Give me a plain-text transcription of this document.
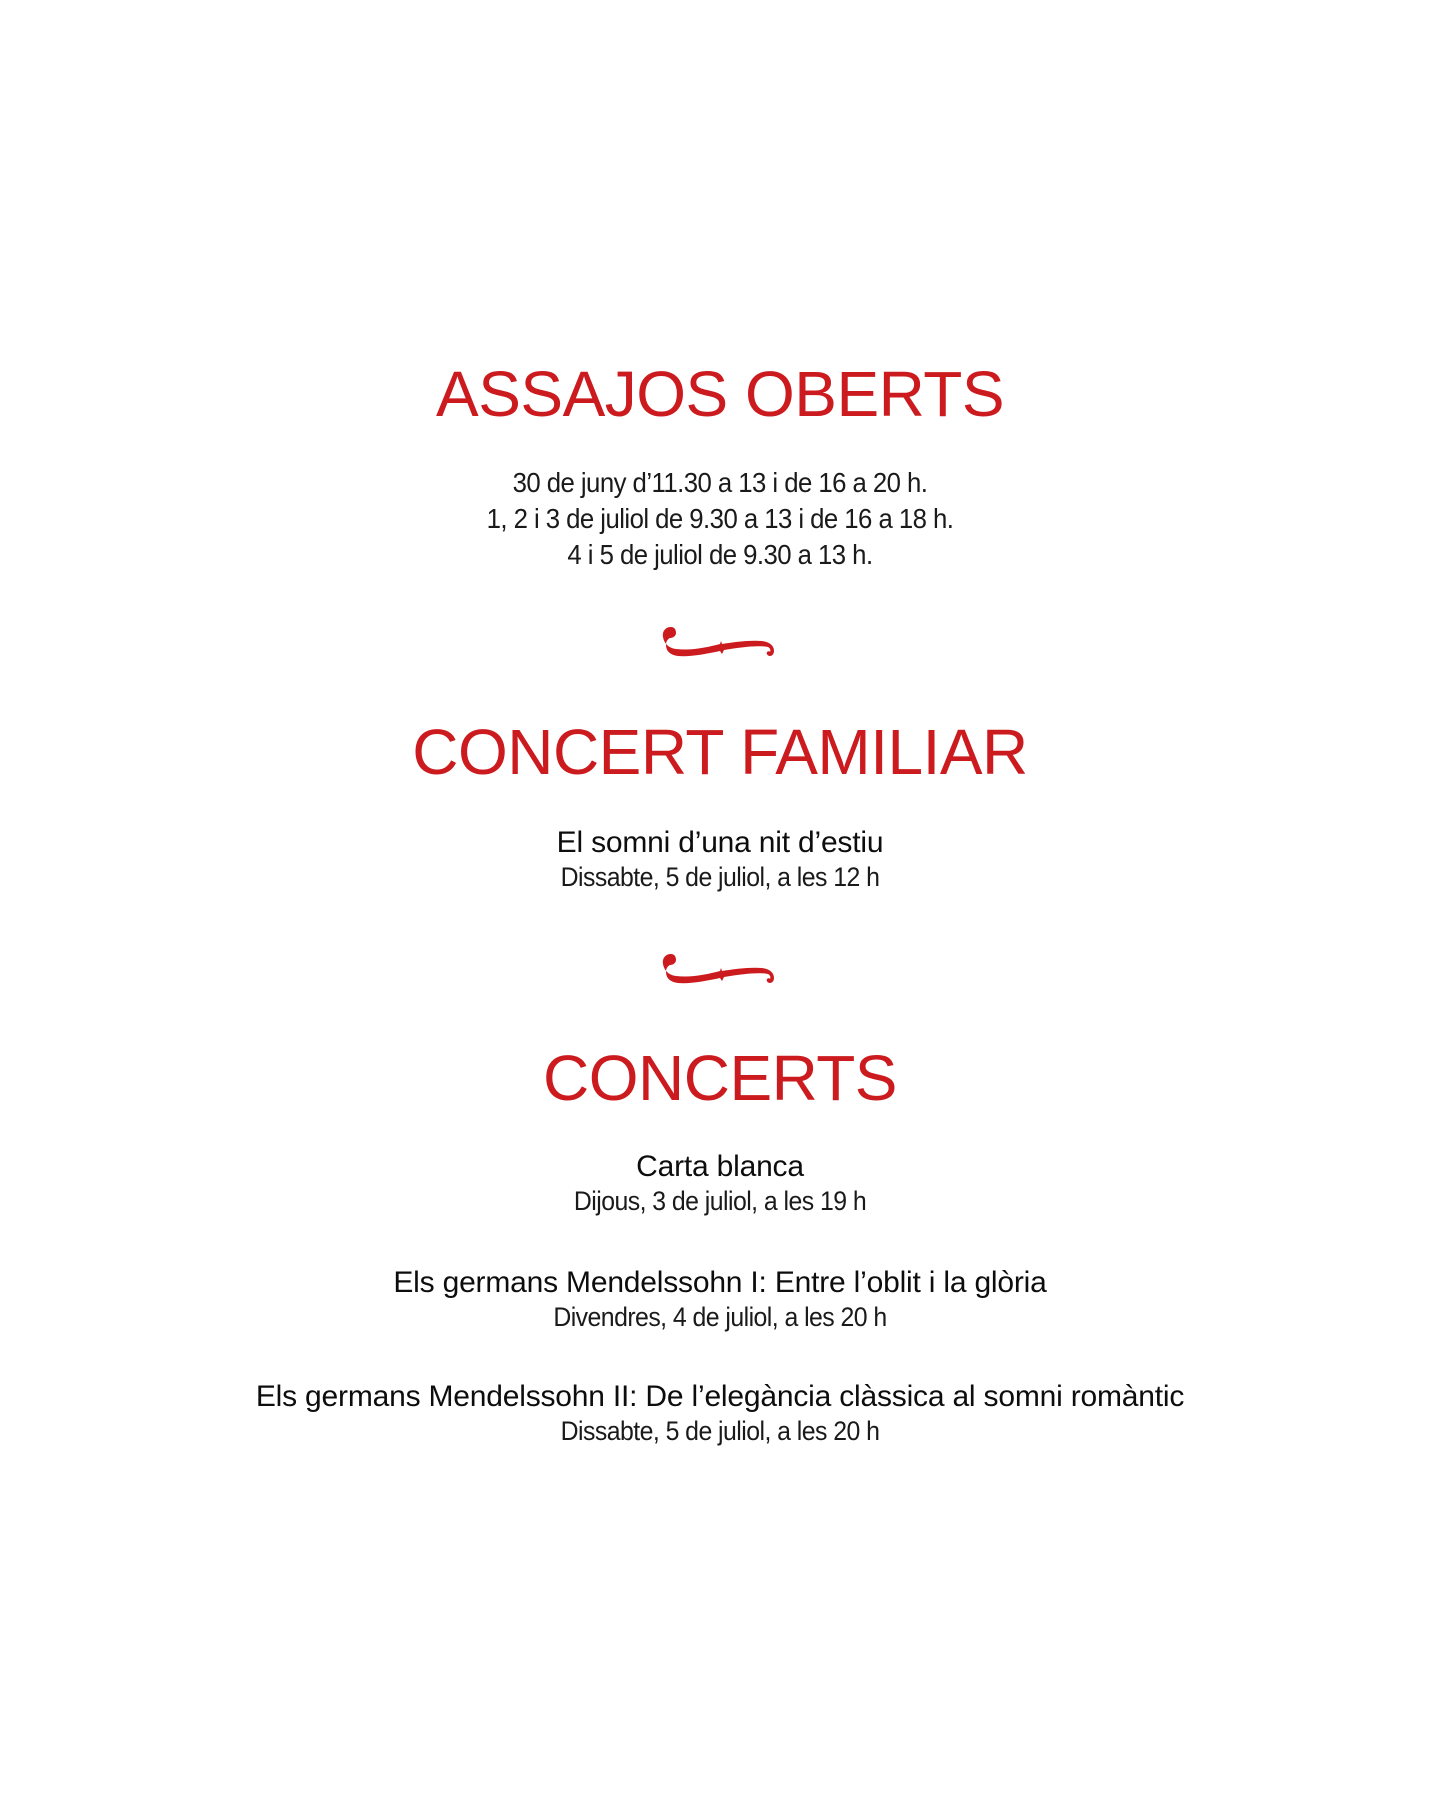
ASSAJOS OBERTS
30 de juny d’11.30 a 13 i de 16 a 20 h.
1, 2 i 3 de juliol de 9.30 a 13 i de 16 a 18 h.
4 i 5 de juliol de 9.30 a 13 h.
CONCERT FAMILIAR
El somni d’una nit d’estiu
Dissabte, 5 de juliol, a les 12 h
CONCERTS
Carta blanca
Dijous, 3 de juliol, a les 19 h
Els germans Mendelssohn I: Entre l’oblit i la glòria
Divendres, 4 de juliol, a les 20 h
Els germans Mendelssohn II: De l’elegància clàssica al somni romàntic
Dissabte, 5 de juliol, a les 20 h
